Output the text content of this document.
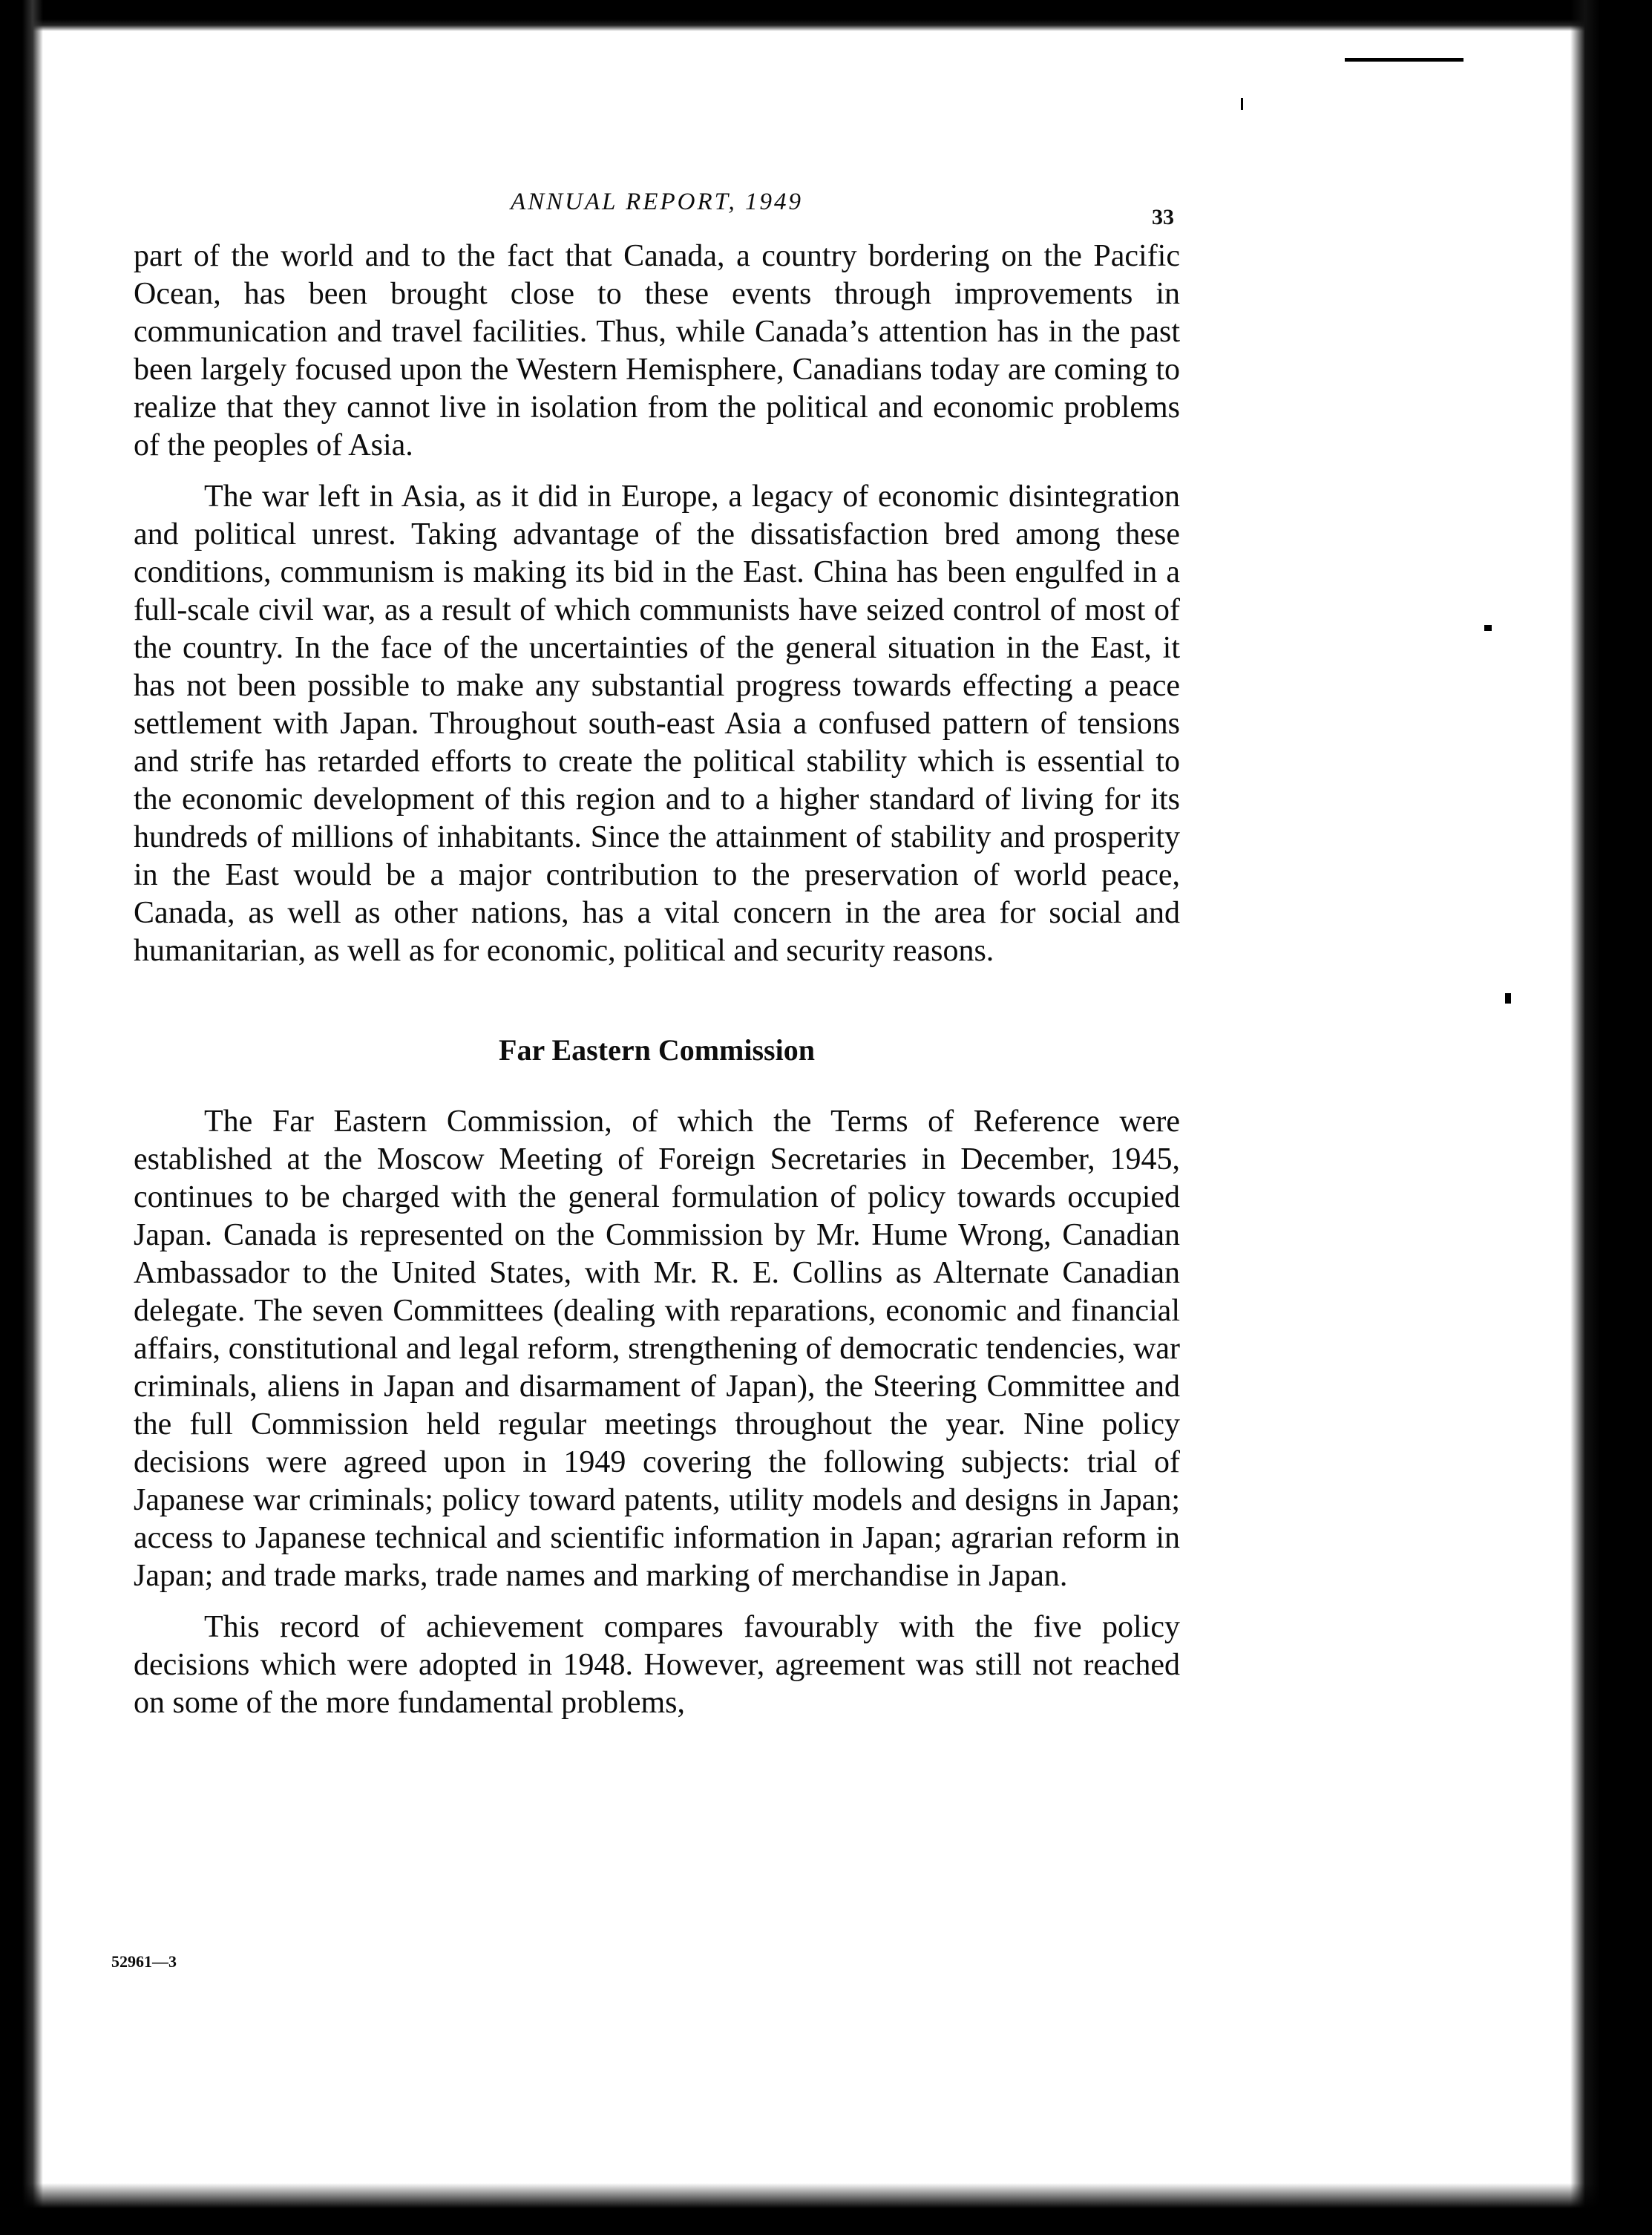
ANNUAL REPORT, 1949
33

part of the world and to the fact that Canada, a country bordering on the Pacific Ocean, has been brought close to these events through improvements in communication and travel facilities. Thus, while Canada’s attention has in the past been largely focused upon the Western Hemisphere, Canadians today are coming to realize that they cannot live in isolation from the political and economic problems of the peoples of Asia.

The war left in Asia, as it did in Europe, a legacy of economic disintegration and political unrest. Taking advantage of the dissatisfaction bred among these conditions, communism is making its bid in the East. China has been engulfed in a full-scale civil war, as a result of which communists have seized control of most of the country. In the face of the uncertainties of the general situation in the East, it has not been possible to make any substantial progress towards effecting a peace settlement with Japan. Throughout south-east Asia a confused pattern of tensions and strife has retarded efforts to create the political stability which is essential to the economic development of this region and to a higher standard of living for its hundreds of millions of inhabitants. Since the attainment of stability and prosperity in the East would be a major contribution to the preservation of world peace, Canada, as well as other nations, has a vital concern in the area for social and humanitarian, as well as for economic, political and security reasons.

Far Eastern Commission

The Far Eastern Commission, of which the Terms of Reference were established at the Moscow Meeting of Foreign Secretaries in December, 1945, continues to be charged with the general formulation of policy towards occupied Japan. Canada is represented on the Commission by Mr. Hume Wrong, Canadian Ambassador to the United States, with Mr. R. E. Collins as Alternate Canadian delegate. The seven Committees (dealing with reparations, economic and financial affairs, constitutional and legal reform, strengthening of democratic tendencies, war criminals, aliens in Japan and disarmament of Japan), the Steering Committee and the full Commission held regular meetings throughout the year. Nine policy decisions were agreed upon in 1949 covering the following subjects: trial of Japanese war criminals; policy toward patents, utility models and designs in Japan; access to Japanese technical and scientific information in Japan; agrarian reform in Japan; and trade marks, trade names and marking of merchandise in Japan.

This record of achievement compares favourably with the five policy decisions which were adopted in 1948. However, agreement was still not reached on some of the more fundamental problems,

52961—3
